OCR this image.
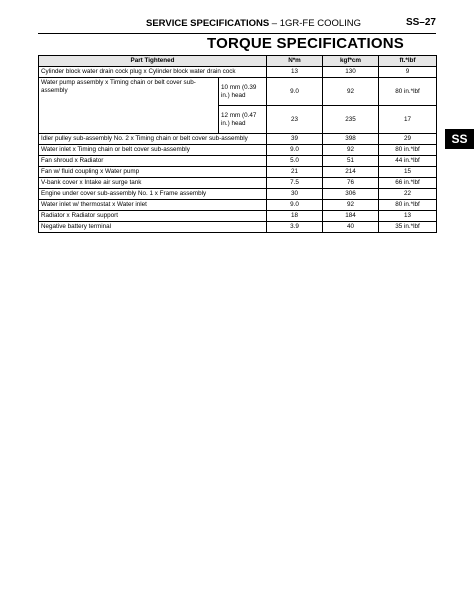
SERVICE SPECIFICATIONS – 1GR-FE COOLING	SS–27
TORQUE SPECIFICATIONS
SS
Part Tightened		N*m	kgf*cm	ft.*lbf
Cylinder block water drain cock plug x Cylinder block water drain cock		13	130	9
Water pump assembly x Timing chain or belt cover sub-assembly	10 mm (0.39 in.) head	9.0	92	80 in.*lbf
	12 mm (0.47 in.) head	23	235	17
Idler pulley sub-assembly No. 2 x Timing chain or belt cover sub-assembly		39	398	29
Water inlet x Timing chain or belt cover sub-assembly		9.0	92	80 in.*lbf
Fan shroud x Radiator		5.0	51	44 in.*lbf
Fan w/ fluid coupling x Water pump		21	214	15
V-bank cover x Intake air surge tank		7.5	76	66 in.*lbf
Engine under cover sub-assembly No. 1 x Frame assembly		30	306	22
Water inlet w/ thermostat x Water inlet		9.0	92	80 in.*lbf
Radiator x Radiator support		18	184	13
Negative battery terminal		3.9	40	35 in.*lbf
